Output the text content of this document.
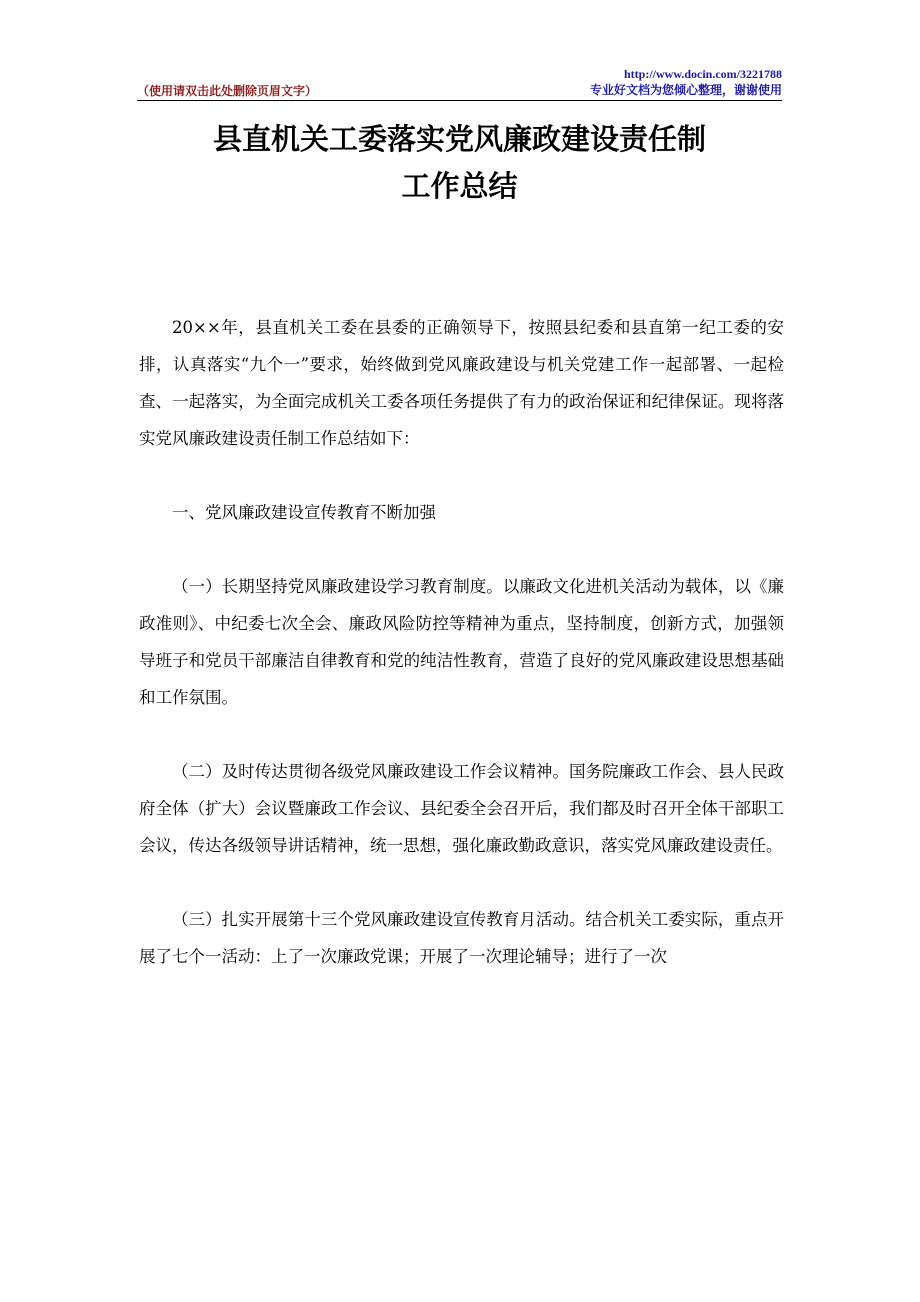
（使用请双击此处删除页眉文字）
http://www.docin.com/3221788
专业好文档为您倾心整理，谢谢使用
县直机关工委落实党风廉政建设责任制
工作总结

20××年，县直机关工委在县委的正确领导下，按照县纪委和县直第一纪工委的安排，认真落实“九个一”要求，始终做到党风廉政建设与机关党建工作一起部署、一起检查、一起落实，为全面完成机关工委各项任务提供了有力的政治保证和纪律保证。现将落实党风廉政建设责任制工作总结如下：

一、党风廉政建设宣传教育不断加强

（一）长期坚持党风廉政建设学习教育制度。以廉政文化进机关活动为载体，以《廉政准则》、中纪委七次全会、廉政风险防控等精神为重点，坚持制度，创新方式，加强领导班子和党员干部廉洁自律教育和党的纯洁性教育，营造了良好的党风廉政建设思想基础和工作氛围。

（二）及时传达贯彻各级党风廉政建设工作会议精神。国务院廉政工作会、县人民政府全体（扩大）会议暨廉政工作会议、县纪委全会召开后，我们都及时召开全体干部职工会议，传达各级领导讲话精神，统一思想，强化廉政勤政意识，落实党风廉政建设责任。

（三）扎实开展第十三个党风廉政建设宣传教育月活动。结合机关工委实际，重点开展了七个一活动：上了一次廉政党课；开展了一次理论辅导；进行了一次
